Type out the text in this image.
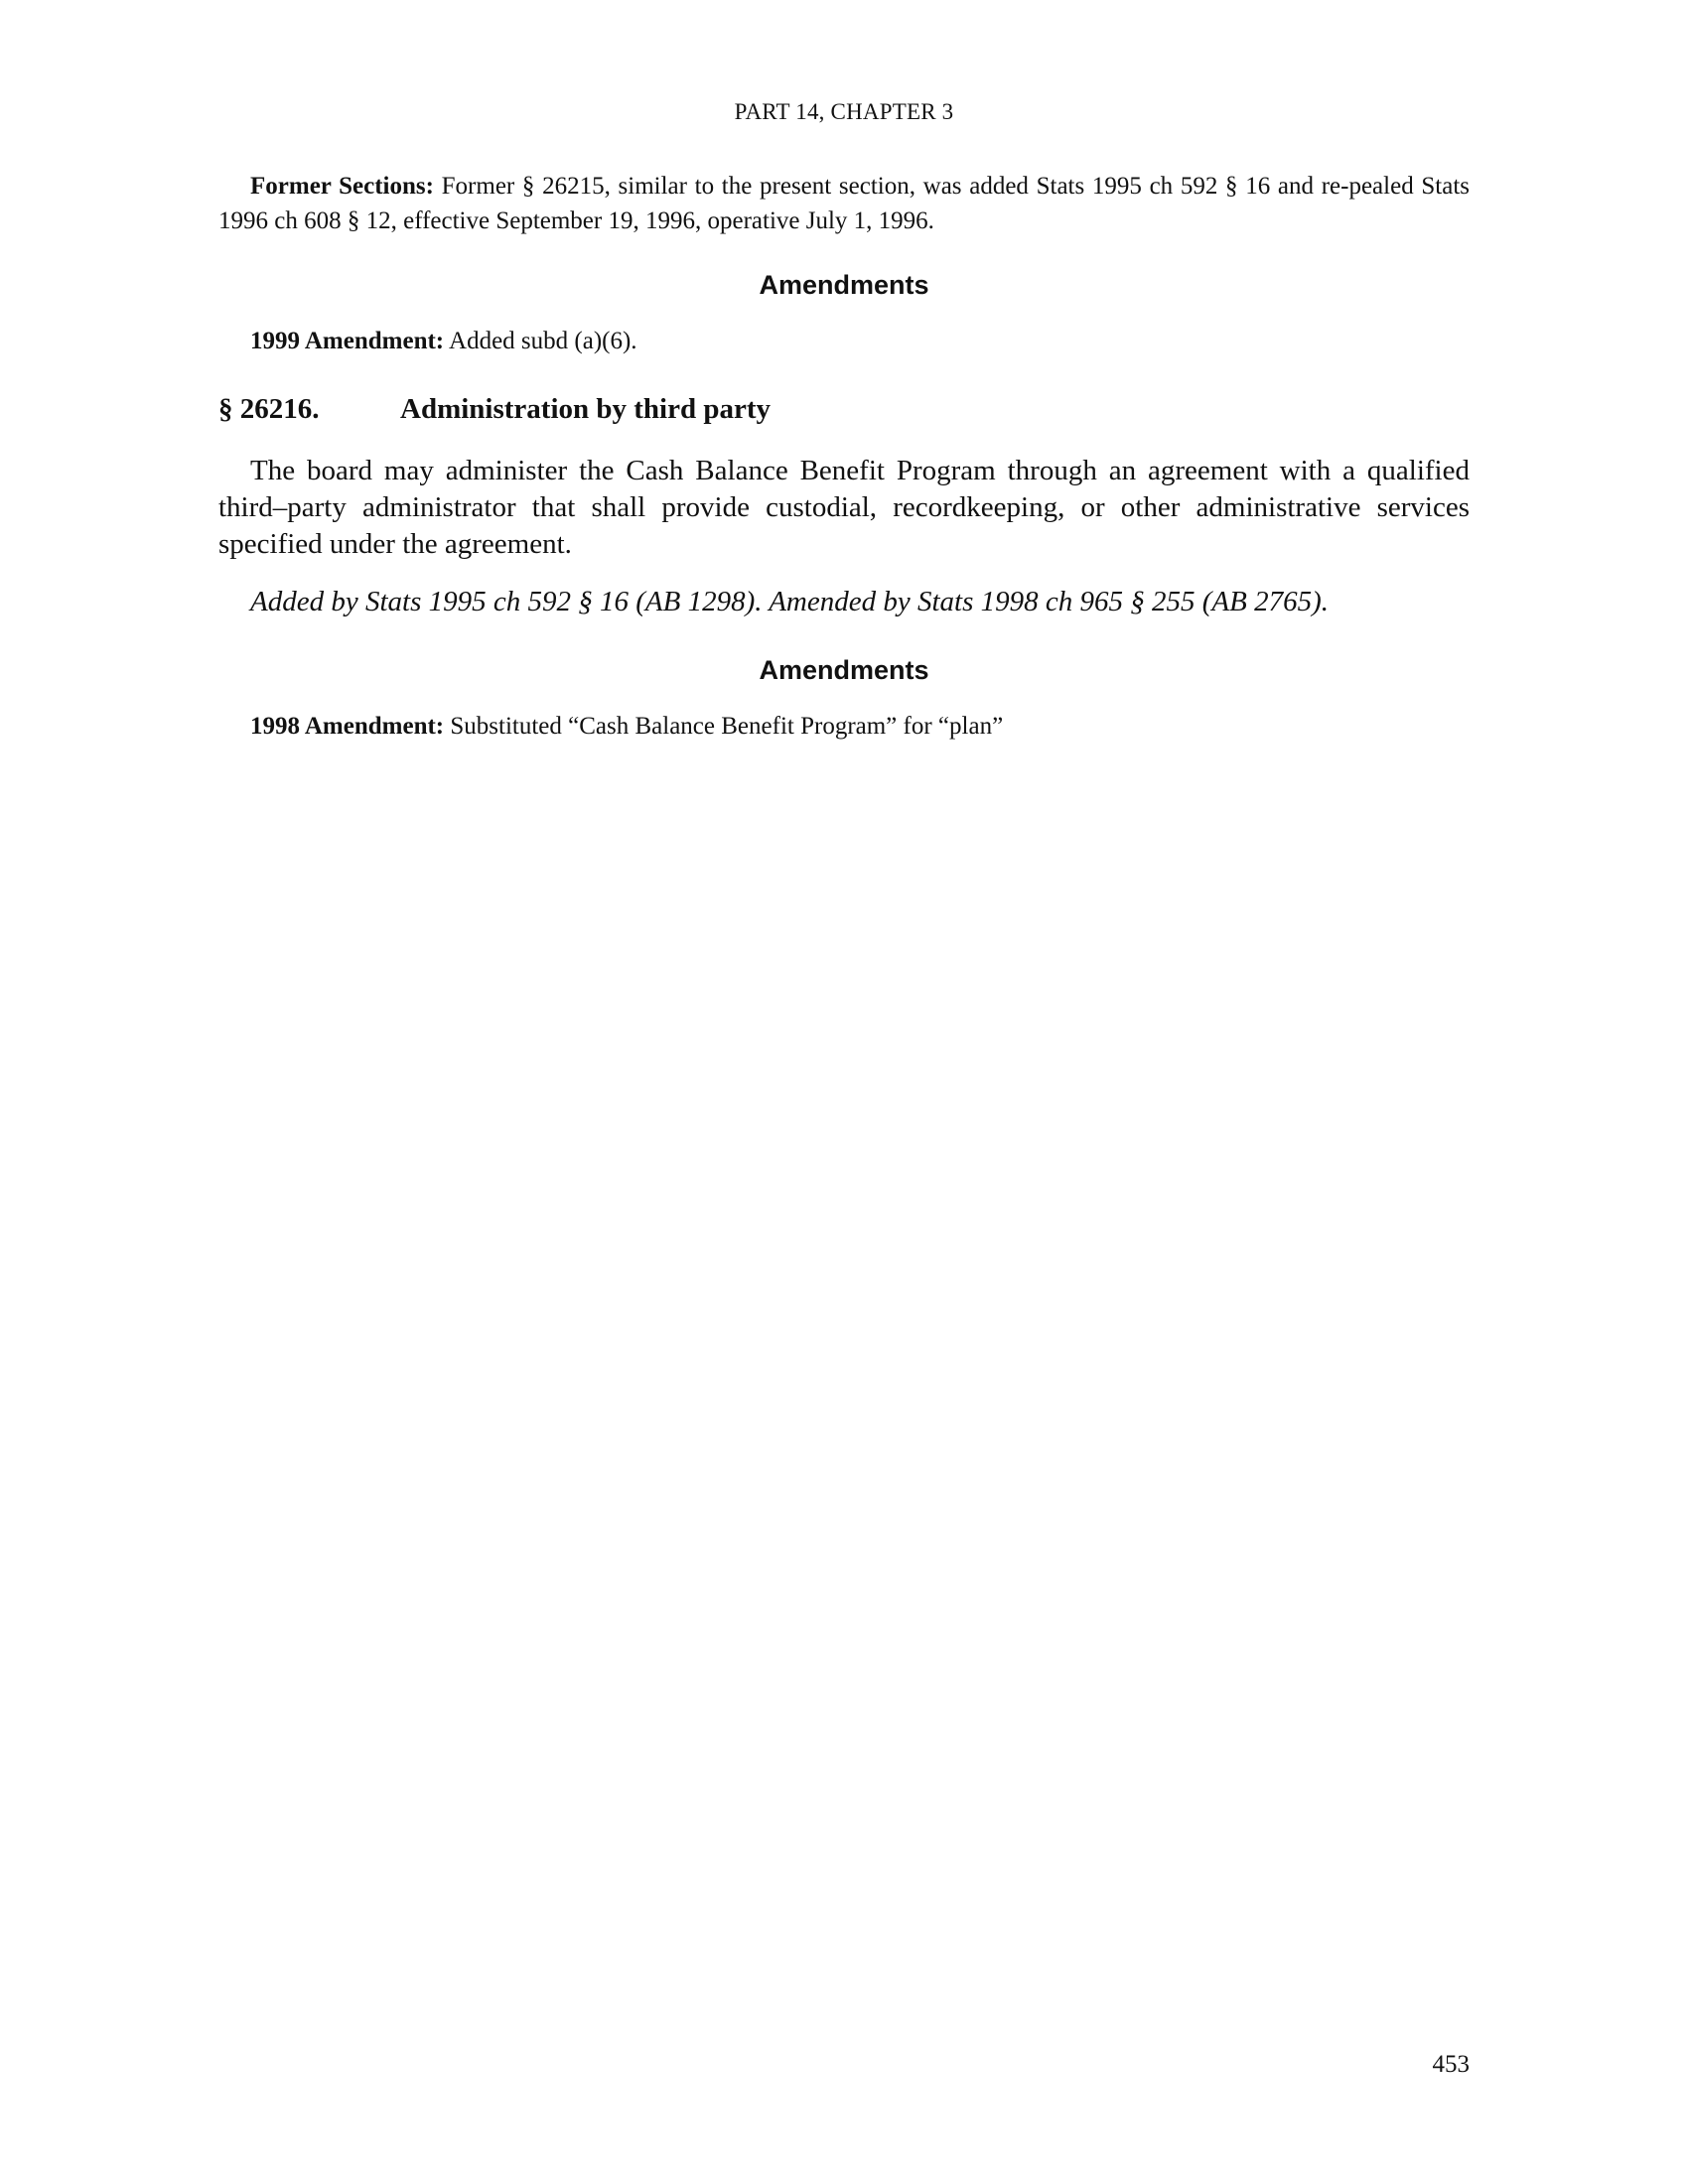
PART 14, CHAPTER 3

Former Sections: Former § 26215, similar to the present section, was added Stats 1995 ch 592 § 16 and re-pealed Stats 1996 ch 608 § 12, effective September 19, 1996, operative July 1, 1996.

Amendments

1999 Amendment: Added subd (a)(6).

§ 26216.	Administration by third party

The board may administer the Cash Balance Benefit Program through an agreement with a qualified third–party administrator that shall provide custodial, recordkeeping, or other administrative services specified under the agreement.

Added by Stats 1995 ch 592 § 16 (AB 1298). Amended by Stats 1998 ch 965 § 255 (AB 2765).

Amendments

1998 Amendment: Substituted “Cash Balance Benefit Program” for “plan”

453
